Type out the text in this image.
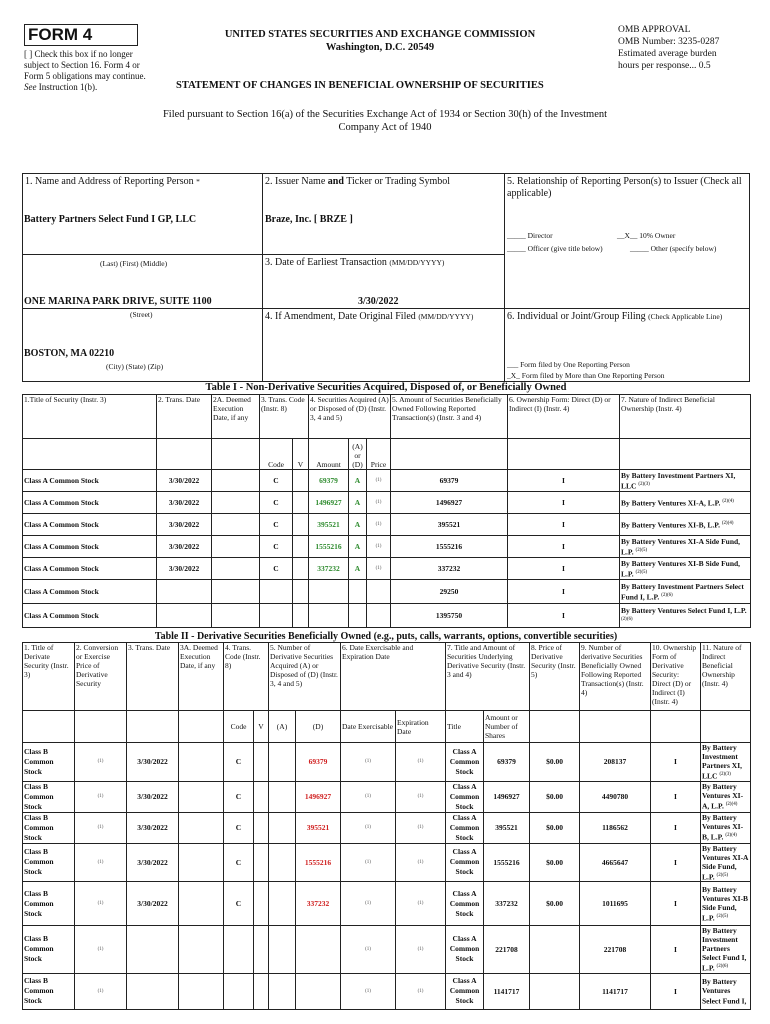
FORM 4
[ ] Check this box if no longer subject to Section 16. Form 4 or Form 5 obligations may continue. See Instruction 1(b).
UNITED STATES SECURITIES AND EXCHANGE COMMISSION
Washington, D.C. 20549
STATEMENT OF CHANGES IN BENEFICIAL OWNERSHIP OF SECURITIES
OMB APPROVAL
OMB Number: 3235-0287
Estimated average burden
hours per response... 0.5
Filed pursuant to Section 16(a) of the Securities Exchange Act of 1934 or Section 30(h) of the Investment Company Act of 1940
1. Name and Address of Reporting Person *
Battery Partners Select Fund I GP, LLC
(Last) (First) (Middle)
ONE MARINA PARK DRIVE, SUITE 1100
(Street)
BOSTON, MA 02210
(City) (State) (Zip)
2. Issuer Name and Ticker or Trading Symbol
Braze, Inc. [ BRZE ]
3. Date of Earliest Transaction (MM/DD/YYYY)
3/30/2022
4. If Amendment, Date Original Filed (MM/DD/YYYY)
5. Relationship of Reporting Person(s) to Issuer (Check all applicable)
_____ Director	__X__ 10% Owner
_____ Officer (give title below)	_____ Other (specify below)
6. Individual or Joint/Group Filing (Check Applicable Line)
___ Form filed by One Reporting Person
_X_ Form filed by More than One Reporting Person
Table I - Non-Derivative Securities Acquired, Disposed of, or Beneficially Owned
1.Title of Security (Instr. 3)	2. Trans. Date	2A. Deemed Execution Date, if any	3. Trans. Code (Instr. 8)		4. Securities Acquired (A) or Disposed of (D) (Instr. 3, 4 and 5)			5. Amount of Securities Beneficially Owned Following Reported Transaction(s) (Instr. 3 and 4)	6. Ownership Form: Direct (D) or Indirect (I) (Instr. 4)	7. Nature of Indirect Beneficial Ownership (Instr. 4)
			Code	V	Amount	(A) or (D)	Price			
Class A Common Stock	3/30/2022		C		69379	A	(1)	69379	I	By Battery Investment Partners XI, LLC $^{(2)(3)}$
Class A Common Stock	3/30/2022		C		1496927	A	(1)	1496927	I	By Battery Ventures XI-A, L.P. $^{(2)(4)}$
Class A Common Stock	3/30/2022		C		395521	A	(1)	395521	I	By Battery Ventures XI-B, L.P. $^{(2)(4)}$
Class A Common Stock	3/30/2022		C		1555216	A	(1)	1555216	I	By Battery Ventures XI-A Side Fund, L.P. $^{(2)(5)}$
Class A Common Stock	3/30/2022		C		337232	A	(1)	337232	I	By Battery Ventures XI-B Side Fund, L.P. $^{(2)(5)}$
Class A Common Stock								29250	I	By Battery Investment Partners Select Fund I, L.P. $^{(2)(6)}$
Class A Common Stock								1395750	I	By Battery Ventures Select Fund I, L.P. $^{(2)(6)}$
Table II - Derivative Securities Beneficially Owned (e.g., puts, calls, warrants, options, convertible securities)
1. Title of Derivate Security (Instr. 3)	2. Conversion or Exercise Price of Derivative Security	3. Trans. Date	3A. Deemed Execution Date, if any	4. Trans. Code (Instr. 8)		5. Number of Derivative Securities Acquired (A) or Disposed of (D) (Instr. 3, 4 and 5)		6. Date Exercisable and Expiration Date		7. Title and Amount of Securities Underlying Derivative Security (Instr. 3 and 4)		8. Price of Derivative Security (Instr. 5)	9. Number of derivative Securities Beneficially Owned Following Reported Transaction(s) (Instr. 4)	10. Ownership Form of Derivative Security: Direct (D) or Indirect (I) (Instr. 4)	11. Nature of Indirect Beneficial Ownership (Instr. 4)
				Code	V	(A)	(D)	Date Exercisable	Expiration Date	Title	Amount or Number of Shares				
Class B Common Stock	(1)	3/30/2022		C			69379	(1)	(1)	Class A Common Stock	69379	$0.00	208137	I	By Battery Investment Partners XI, LLC $^{(2)(3)}$
Class B Common Stock	(1)	3/30/2022		C			1496927	(1)	(1)	Class A Common Stock	1496927	$0.00	4490780	I	By Battery Ventures XI-A, L.P. $^{(2)(4)}$
Class B Common Stock	(1)	3/30/2022		C			395521	(1)	(1)	Class A Common Stock	395521	$0.00	1186562	I	By Battery Ventures XI-B, L.P. $^{(2)(4)}$
Class B Common Stock	(1)	3/30/2022		C			1555216	(1)	(1)	Class A Common Stock	1555216	$0.00	4665647	I	By Battery Ventures XI-A Side Fund, L.P. $^{(2)(5)}$
Class B Common Stock	(1)	3/30/2022		C			337232	(1)	(1)	Class A Common Stock	337232	$0.00	1011695	I	By Battery Ventures XI-B Side Fund, L.P. $^{(2)(5)}$
Class B Common Stock	(1)							(1)	(1)	Class A Common Stock	221708		221708	I	By Battery Investment Partners Select Fund I, L.P. $^{(2)(6)}$
Class B Common Stock	(1)							(1)	(1)	Class A Common Stock	1141717		1141717	I	By Battery Ventures Select Fund I,
